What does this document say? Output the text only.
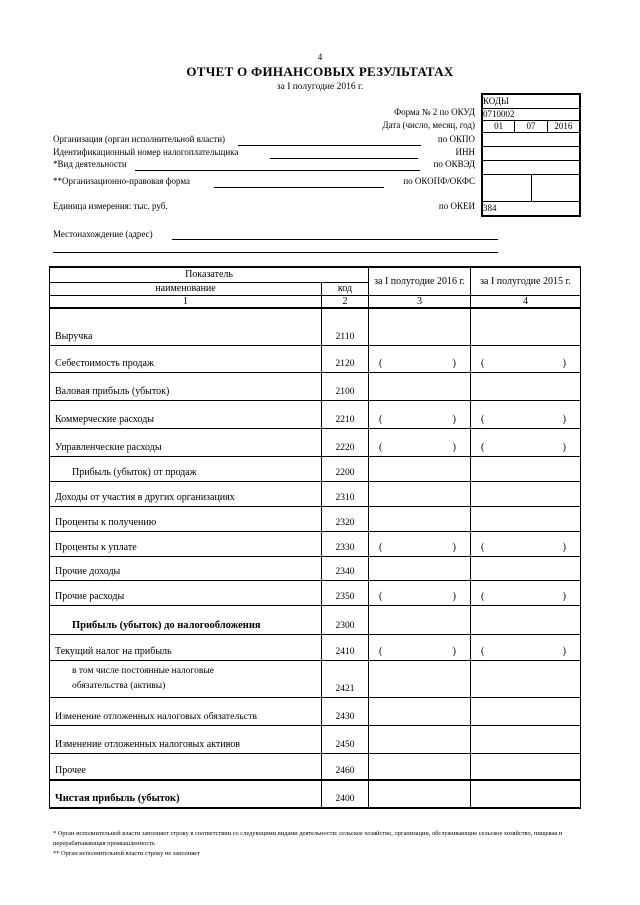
4
ОТЧЕТ О ФИНАНСОВЫХ РЕЗУЛЬТАТАХ
за I полугодие 2016 г.
КОДЫ
0710002
01	07	2016
384
Форма № 2 по ОКУД
Дата (число, месяц, год)
Организация (орган исполнительной власти)	по ОКПО
Идентификационный номер налогоплательщика	ИНН
*Вид деятельности	по ОКВЭД
**Организационно-правовая форма	по ОКОПФ/ОКФС
Единица измерения: тыс. руб.	по ОКЕИ
Местонахождение (адрес)
Показатель		за I полугодие 2016 г.	за I полугодие 2015 г.
наименование	код		
1	2	3	4
Выручка	2110		
Себестоимость продаж	2120	( )	( )

Валовая прибыль (убыток)	2100		
Коммерческие расходы	2210	( )	( )

Управленческие расходы	2220	( )	( )

Прибыль (убыток) от продаж	2200		
Доходы от участия в других организациях	2310		
Проценты к получению	2320		
Проценты к уплате	2330	( )	( )

Прочие доходы	2340		
Прочие расходы	2350	( )	( )

Прибыль (убыток) до налогообложения	2300		
Текущий налог на прибыль	2410	( )	( )

в том числе постоянные налоговые обязательства (активы)	2421		
Изменение отложенных налоговых обязательств	2430		
Изменение отложенных налоговых активов	2450		
Прочее	2460		
Чистая прибыль (убыток)	2400		
* Орган исполнительной власти заполняет строку в соответствии со следующими видами деятельности: сельское хозяйство, организации, обслуживающие сельское хозяйство, пищевая и перерабатывающая промышленность
** Орган исполнительной власти строку не заполняет
